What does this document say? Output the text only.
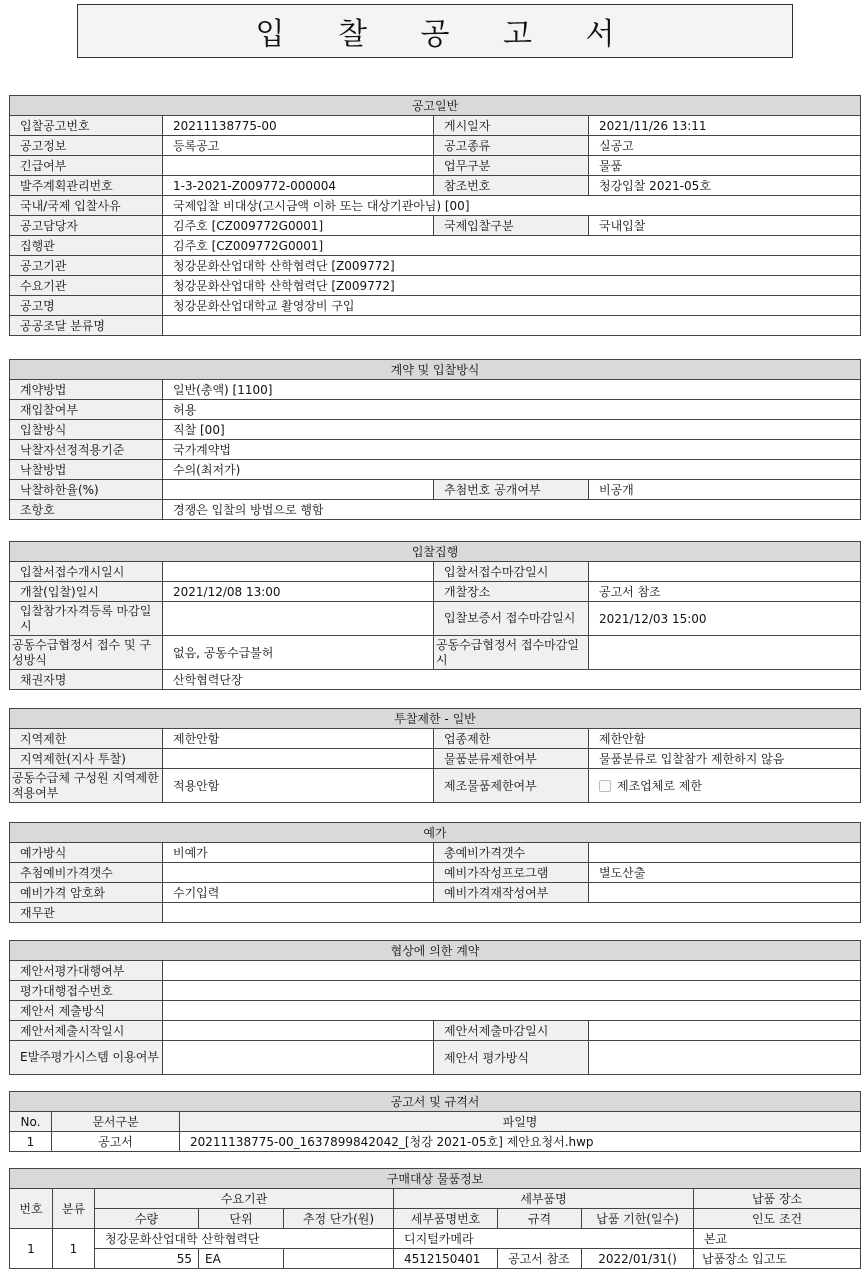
입 찰 공 고 서
공고일반			
입찰공고번호	20211138775-00	게시일자	2021/11/26 13:11
공고정보	등록공고	공고종류	실공고
긴급여부		업무구분	물품
발주계획관리번호	1-3-2021-Z009772-000004	참조번호	청강입찰 2021-05호
국내/국제 입찰사유	국제입찰 비대상(고시금액 이하 또는 대상기관아님) [00]		
공고담당자	김주호 [CZ009772G0001]	국제입찰구분	국내입찰
집행관	김주호 [CZ009772G0001]		
공고기관	청강문화산업대학 산학협력단 [Z009772]		
수요기관	청강문화산업대학 산학협력단 [Z009772]		
공고명	청강문화산업대학교 촬영장비 구입		
공공조달 분류명			
계약 및 입찰방식			
계약방법	일반(총액) [1100]		
재입찰여부	허용		
입찰방식	직찰 [00]		
낙찰자선정적용기준	국가계약법		
낙찰방법	수의(최저가)		
낙찰하한율(%)		추첨번호 공개여부	비공개
조항호	경쟁은 입찰의 방법으로 행함		
입찰집행			
입찰서접수개시일시		입찰서접수마감일시	
개찰(입찰)일시	2021/12/08 13:00	개찰장소	공고서 참조
입찰참가자격등록 마감일시		입찰보증서 접수마감일시	2021/12/03 15:00
공동수급협정서 접수 및 구성방식	없음, 공동수급불허	공동수급협정서 접수마감일시	
채권자명	산학협력단장		
투찰제한 - 일반			
지역제한	제한안함	업종제한	제한안함
지역제한(지사 투찰)		물품분류제한여부	물품분류로 입찰참가 제한하지 않음
공동수급체 구성원 지역제한적용여부	적용안함	제조물품제한여부	제조업체로 제한
예가			
예가방식	비예가	총예비가격갯수	
추첨예비가격갯수		예비가작성프로그램	별도산출
예비가격 암호화	수기입력	예비가격재작성여부	
재무관			
협상에 의한 계약			
제안서평가대행여부			
평가대행접수번호			
제안서 제출방식			
제안서제출시작일시		제안서제출마감일시	
E발주평가시스템 이용여부		제안서 평가방식	
공고서 및 규격서		
No.	문서구분	파일명
1	공고서	20211138775-00_1637899842042_[청강 2021-05호] 제안요청서.hwp
구매대상 물품정보								
번호	분류	수요기관			세부품명			납품 장소
		수량	단위	추정 단가(원)	세부품명번호	규격	납품 기한(일수)	인도 조건
1	1	청강문화산업대학 산학협력단			디지털카메라			본교
		55	EA		4512150401	공고서 참조	2022/01/31()	납품장소 입고도
